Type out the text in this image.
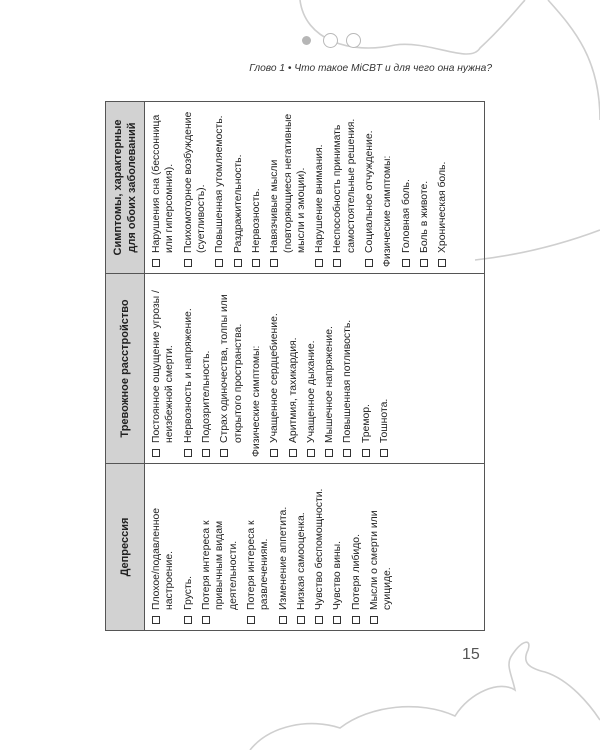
Глово 1 • Что такое MiCBT и для чего она нужна?
Депрессия
Тревожное расстройство
Симптомы, характерные для обоих заболеваний
Плохое/подавленное настроение. Грусть. Потеря интереса к привычным видам деятельности. Потеря интереса к развлечениям. Изменение аппетита. Низкая самооценка. Чувство беспомощности. Чувство вины. Потеря либидо. Мысли о смерти или суициде.
Постоянное ощущение угрозы / неизбежной смерти. Нервозность и напряжение. Подозрительность. Страх одиночества, толпы или открытого пространства. Физические симптомы: Учащенное сердцебиение. Аритмия, тахикардия. Учащенное дыхание. Мышечное напряжение. Повышенная потливость. Тремор. Тошнота.
Нарушения сна (бессонница или гиперсомния). Психомоторное возбуждение (суетливость). Повышенная утомляемость. Раздражительность. Нервозность. Навязчивые мысли (повторяющиеся негативные мысли и эмоции). Нарушение внимания. Неспособность принимать самостоятельные решения. Социальное отчуждение. Физические симптомы: Головная боль. Боль в животе. Хроническая боль.
15
